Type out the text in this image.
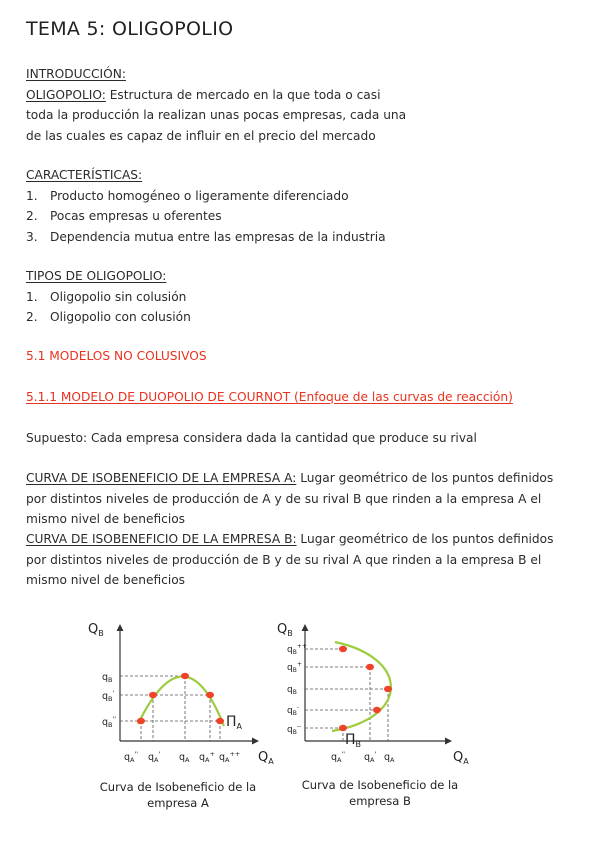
TEMA 5: OLIGOPOLIO
INTRODUCCIÓN:
OLIGOPOLIO: Estructura de mercado en la que toda o casi
toda la producción la realizan unas pocas empresas, cada una
de las cuales es capaz de influir en el precio del mercado
CARACTERÍSTICAS:
1. Producto homogéneo o ligeramente diferenciado
2. Pocas empresas u oferentes
3. Dependencia mutua entre las empresas de la industria
TIPOS DE OLIGOPOLIO:
1. Oligopolio sin colusión
2. Oligopolio con colusión
5.1 MODELOS NO COLUSIVOS
5.1.1 MODELO DE DUOPOLIO DE COURNOT (Enfoque de las curvas de reacción)
Supuesto: Cada empresa considera dada la cantidad que produce su rival
CURVA DE ISOBENEFICIO DE LA EMPRESA A: Lugar geométrico de los puntos definidos
por distintos niveles de producción de A y de su rival B que rinden a la empresa A el
mismo nivel de beneficios
CURVA DE ISOBENEFICIO DE LA EMPRESA B: Lugar geométrico de los puntos definidos
por distintos niveles de producción de B y de su rival A que rinden a la empresa B el
mismo nivel de beneficios
$Q_B$
$Q_A$
$q_B$
$q_B'$
$q_B''$
$q_A''$ $q_A'$ $q_A$ $q_A^+$ $q_A^{++}$
$\Pi_A$
$Q_B$
$Q_A$
$q_B^{++}$
$q_B^+$
$q_B$
$q_B^-$
$q_B^{--}$
$q_A''$ $q_A'$ $q_A$
$\Pi_B$
Curva de Isobeneficio de la
empresa A
Curva de Isobeneficio de la
empresa B
